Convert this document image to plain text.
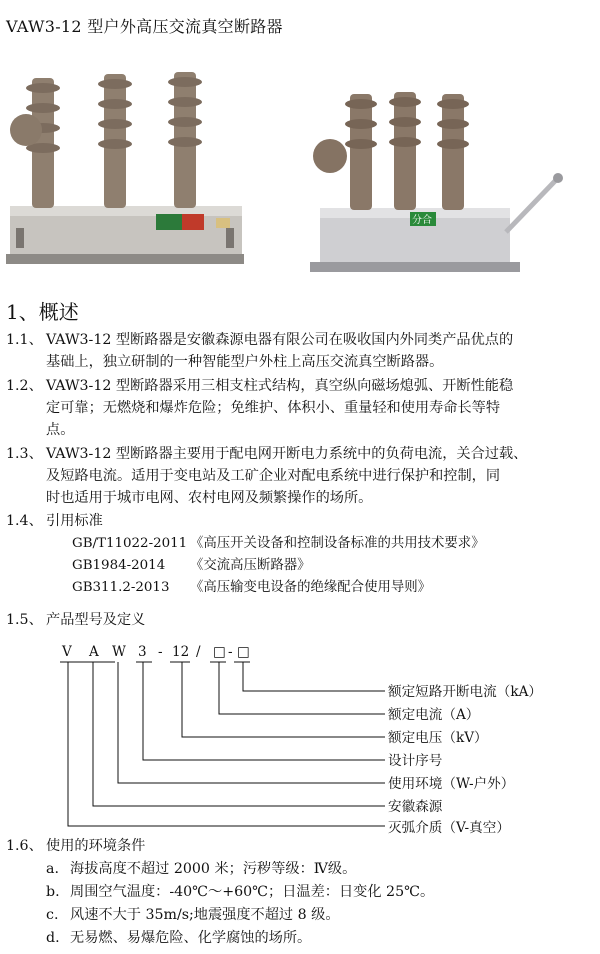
VAW3-12 型户外高压交流真空断路器
分合
1、概述
1.1、 VAW3-12 型断路器是安徽森源电器有限公司在吸收国内外同类产品优点的
基础上，独立研制的一种智能型户外柱上高压交流真空断路器。
1.2、 VAW3-12 型断路器采用三相支柱式结构，真空纵向磁场熄弧、开断性能稳
定可靠；无燃烧和爆炸危险；免维护、体积小、重量轻和使用寿命长等特
点。
1.3、 VAW3-12 型断路器主要用于配电网开断电力系统中的负荷电流，关合过载、
及短路电流。适用于变电站及工矿企业对配电系统中进行保护和控制，同
时也适用于城市电网、农村电网及频繁操作的场所。
1.4、 引用标准
GB/T11022-2011 《高压开关设备和控制设备标准的共用技术要求》
GB1984-2014 《交流高压断路器》
GB311.2-2013 《高压输变电设备的绝缘配合使用导则》
1.5、 产品型号及定义
V A W 3 - 12 / □ - □
额定短路开断电流（kA）
额定电流（A）
额定电压（kV）
设计序号
使用环境（W-户外）
安徽森源
灭弧介质（V-真空）
1.6、 使用的环境条件
a. 海拔高度不超过 2000 米；污秽等级：Ⅳ级。
b. 周围空气温度：-40℃～+60℃；日温差：日变化 25℃。
c. 风速不大于 35m/s;地震强度不超过 8 级。
d. 无易燃、易爆危险、化学腐蚀的场所。
